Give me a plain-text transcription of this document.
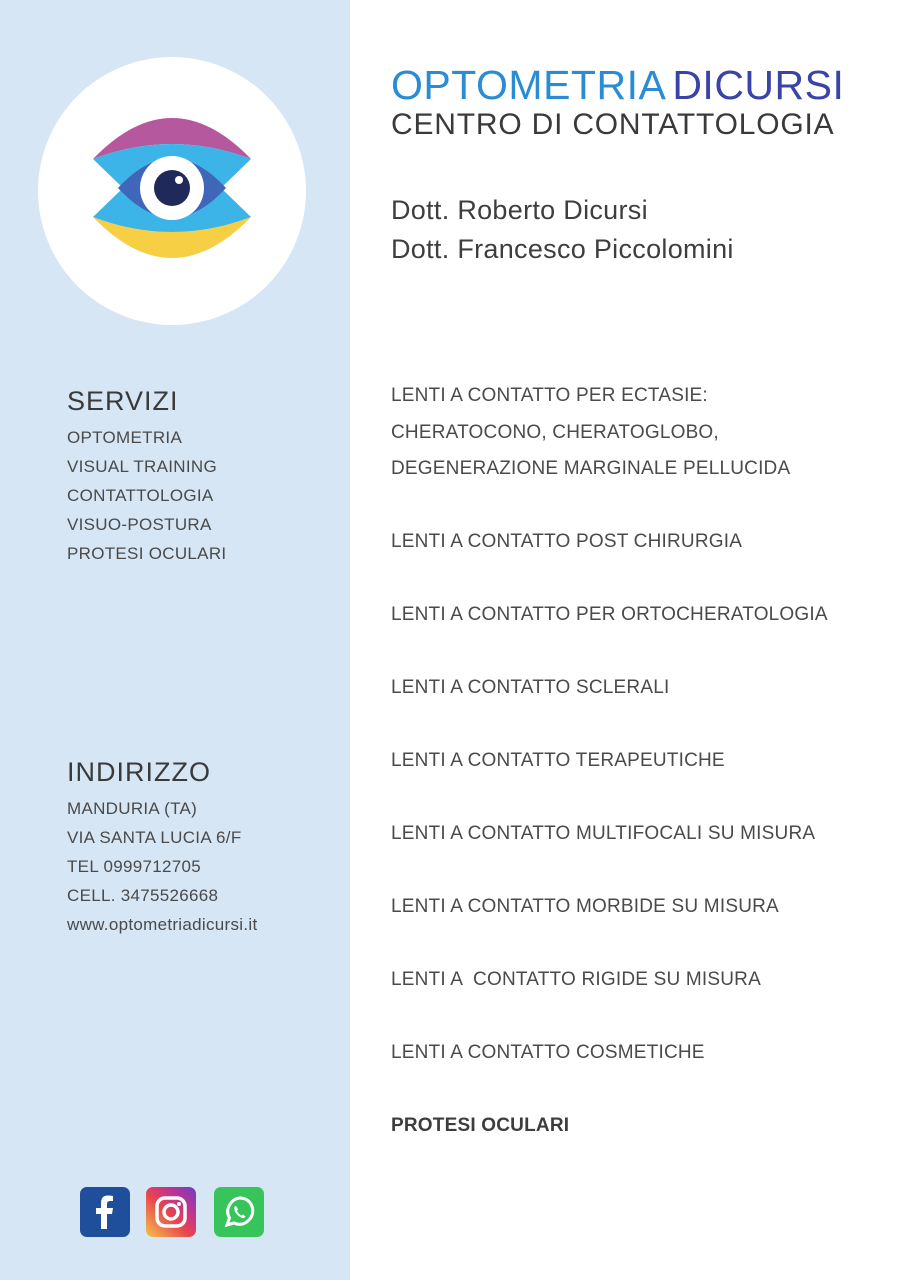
SERVIZI
OPTOMETRIA
VISUAL TRAINING
CONTATTOLOGIA
VISUO-POSTURA
PROTESI OCULARI
INDIRIZZO
MANDURIA (TA)
VIA SANTA LUCIA 6/F
TEL 0999712705
CELL. 3475526668
www.optometriadicursi.it
OPTOMETRIA DICURSI
CENTRO DI CONTATTOLOGIA
Dott. Roberto Dicursi
Dott. Francesco Piccolomini

LENTI A CONTATTO PER ECTASIE:

CHERATOCONO, CHERATOGLOBO,

DEGENERAZIONE MARGINALE PELLUCIDA

LENTI A CONTATTO POST CHIRURGIA

LENTI A CONTATTO PER ORTOCHERATOLOGIA

LENTI A CONTATTO SCLERALI

LENTI A CONTATTO TERAPEUTICHE

LENTI A CONTATTO MULTIFOCALI SU MISURA

LENTI A CONTATTO MORBIDE SU MISURA

LENTI A  CONTATTO RIGIDE SU MISURA

LENTI A CONTATTO COSMETICHE

PROTESI OCULARI
